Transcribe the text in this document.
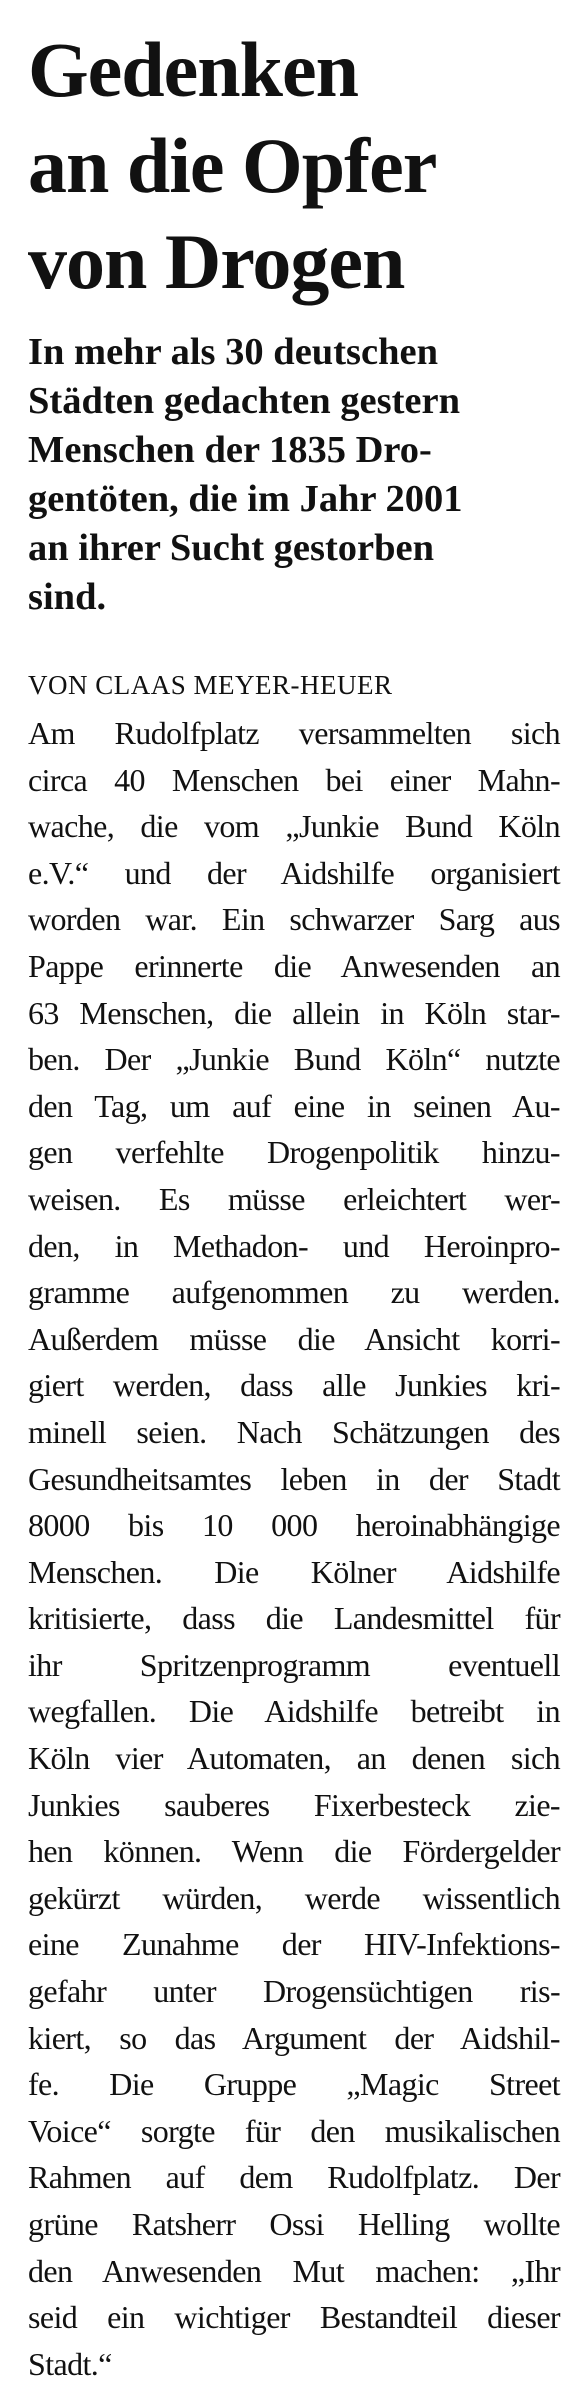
Gedenken
an die Opfer
von Drogen
In mehr als 30 deutschen
Städten gedachten gestern
Menschen der 1835 Dro-
gentöten, die im Jahr 2001
an ihrer Sucht gestorben
sind.
VON CLAAS MEYER-HEUER
Am Rudolfplatz versammelten sich
circa 40 Menschen bei einer Mahn-
wache, die vom „Junkie Bund Köln
e.V.“ und der Aidshilfe organisiert
worden war. Ein schwarzer Sarg aus
Pappe erinnerte die Anwesenden an
63 Menschen, die allein in Köln star-
ben. Der „Junkie Bund Köln“ nutzte
den Tag, um auf eine in seinen Au-
gen verfehlte Drogenpolitik hinzu-
weisen. Es müsse erleichtert wer-
den, in Methadon- und Heroinpro-
gramme aufgenommen zu werden.
Außerdem müsse die Ansicht korri-
giert werden, dass alle Junkies kri-
minell seien. Nach Schätzungen des
Gesundheitsamtes leben in der Stadt
8000 bis 10 000 heroinabhängige
Menschen. Die Kölner Aidshilfe
kritisierte, dass die Landesmittel für
ihr Spritzenprogramm eventuell
wegfallen. Die Aidshilfe betreibt in
Köln vier Automaten, an denen sich
Junkies sauberes Fixerbesteck zie-
hen können. Wenn die Fördergelder
gekürzt würden, werde wissentlich
eine Zunahme der HIV-Infektions-
gefahr unter Drogensüchtigen ris-
kiert, so das Argument der Aidshil-
fe. Die Gruppe „Magic Street
Voice“ sorgte für den musikalischen
Rahmen auf dem Rudolfplatz. Der
grüne Ratsherr Ossi Helling wollte
den Anwesenden Mut machen: „Ihr
seid ein wichtiger Bestandteil dieser
Stadt.“
